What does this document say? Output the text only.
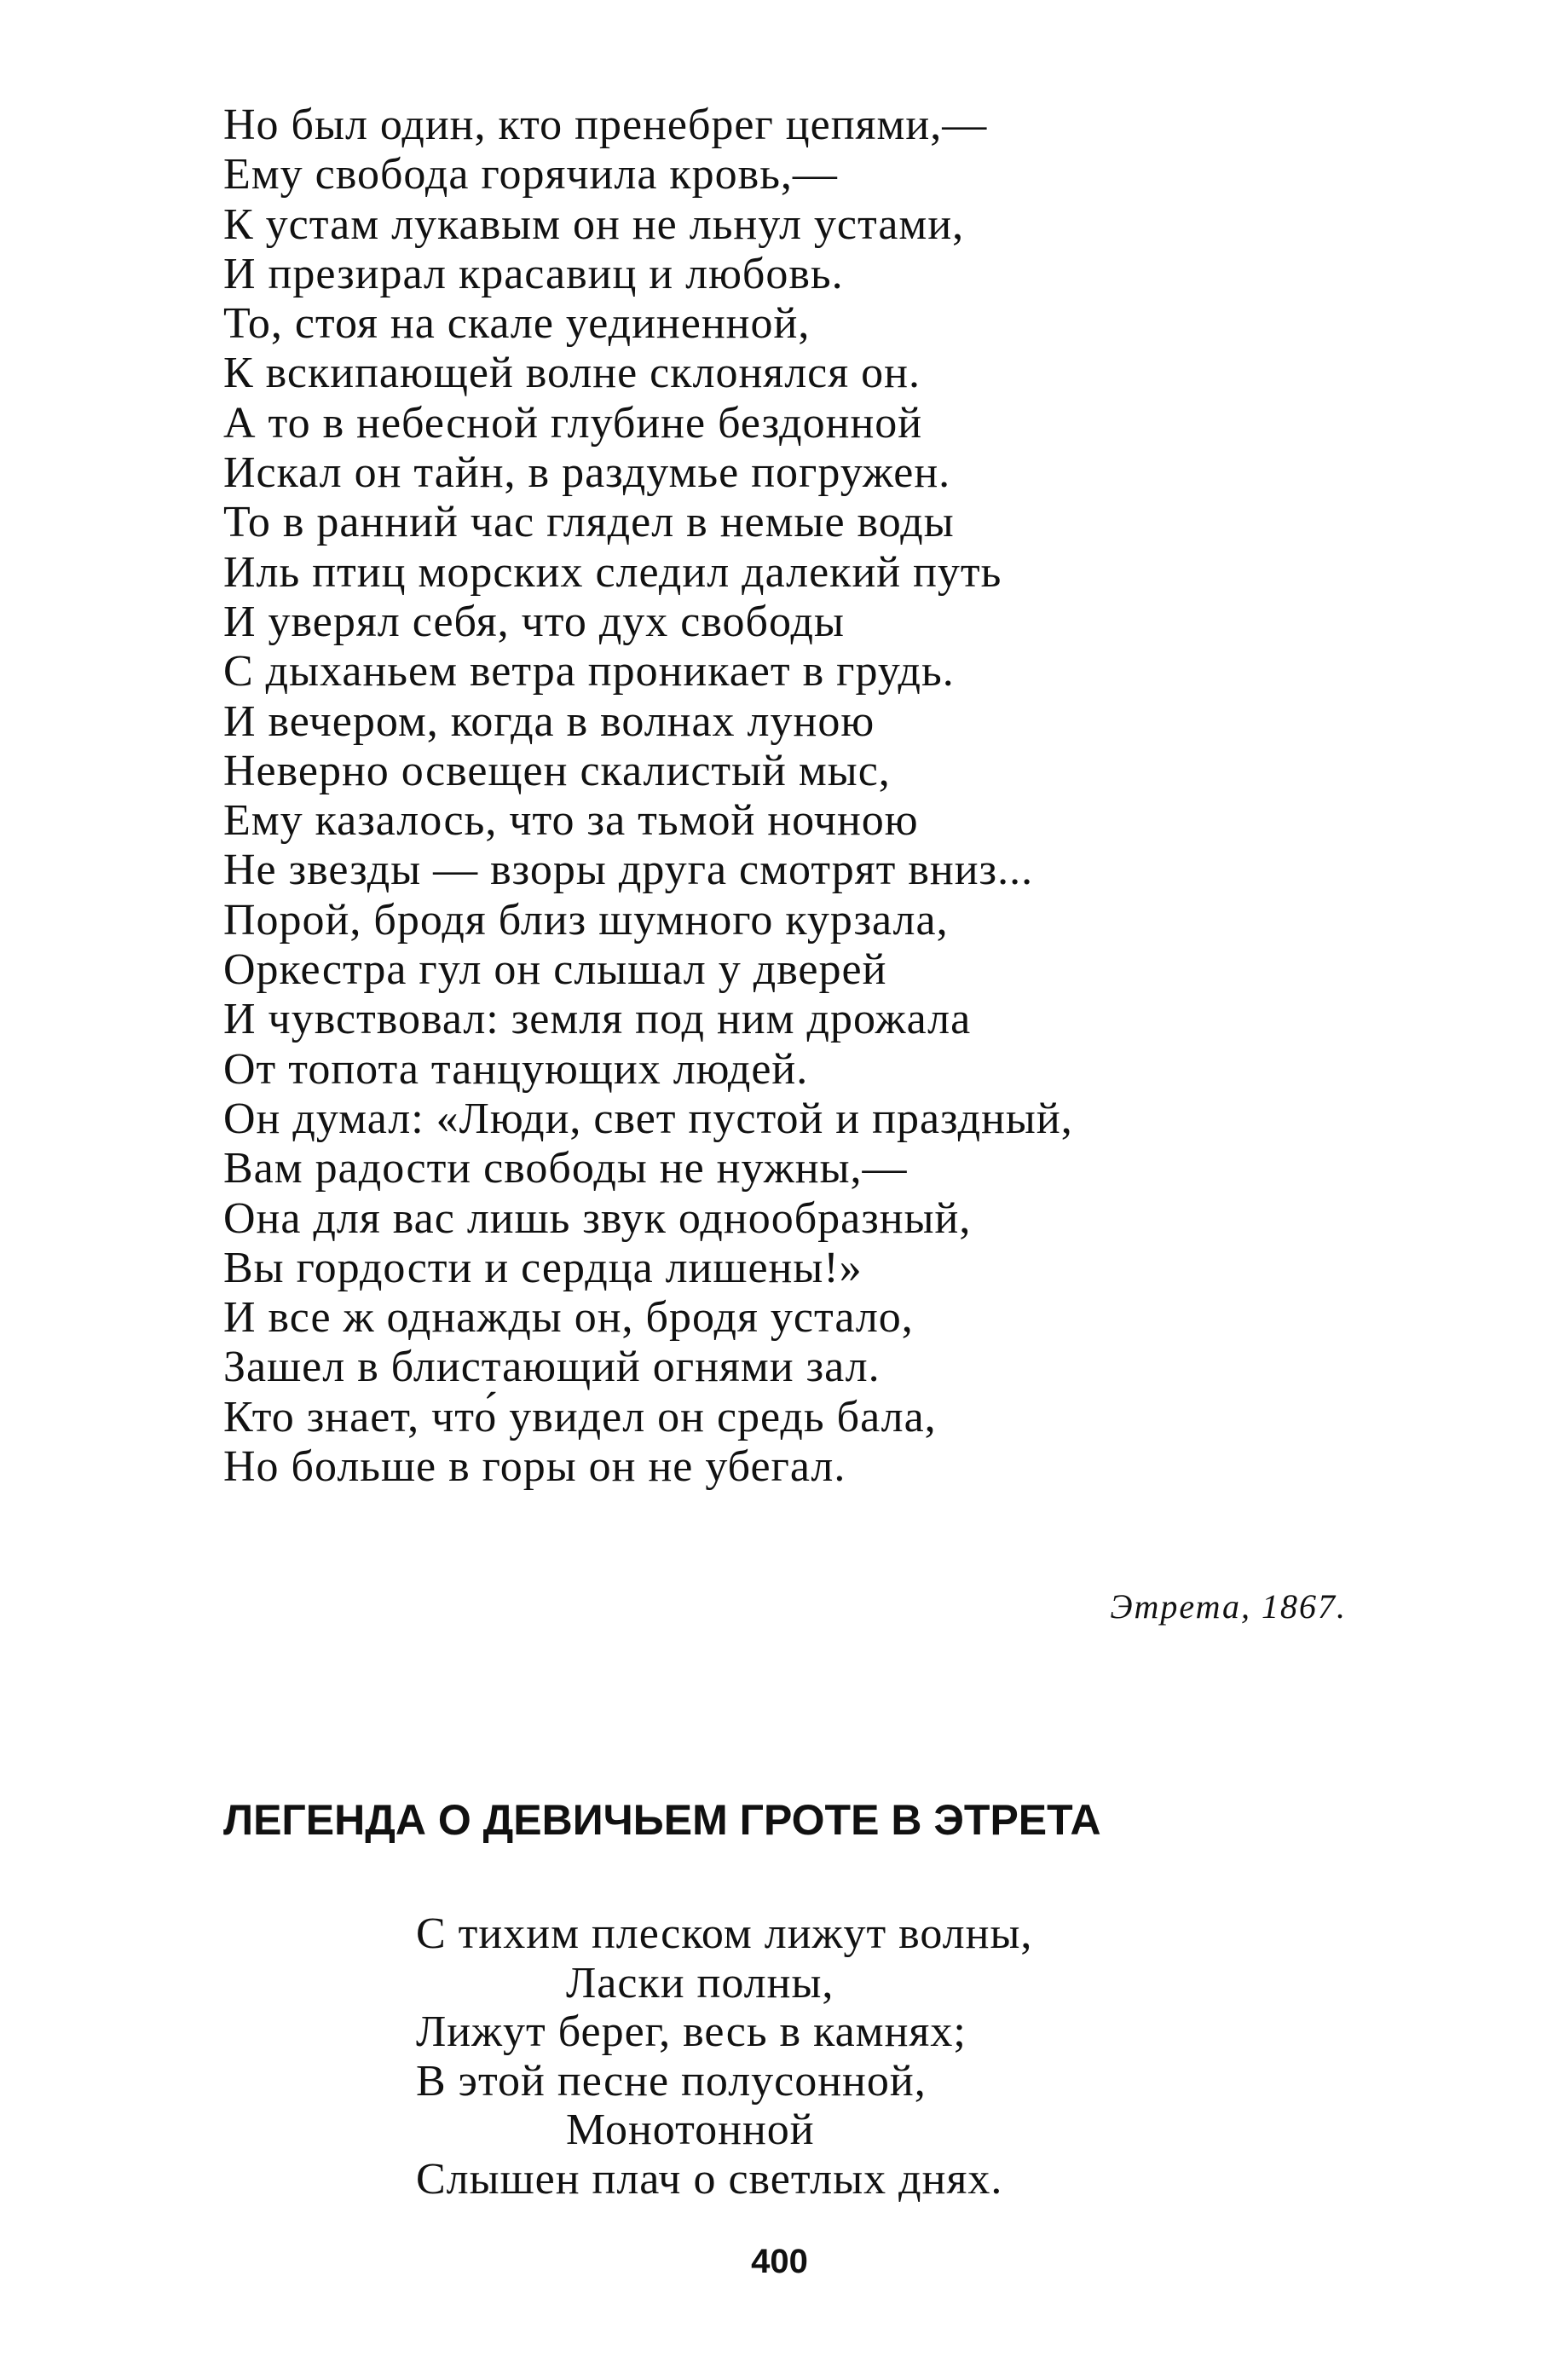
Но был один, кто пренебрег цепями,—
Ему свобода горячила кровь,—
К устам лукавым он не льнул устами,
И презирал красавиц и любовь.
То, стоя на скале уединенной,
К вскипающей волне склонялся он.
А то в небесной глубине бездонной
Искал он тайн, в раздумье погружен.
То в ранний час глядел в немые воды
Иль птиц морских следил далекий путь
И уверял себя, что дух свободы
С дыханьем ветра проникает в грудь.
И вечером, когда в волнах луною
Неверно освещен скалистый мыс,
Ему казалось, что за тьмой ночною
Не звезды — взоры друга смотрят вниз...
Порой, бродя близ шумного курзала,
Оркестра гул он слышал у дверей
И чувствовал: земля под ним дрожала
От топота танцующих людей.
Он думал: «Люди, свет пустой и праздный,
Вам радости свободы не нужны,—
Она для вас лишь звук однообразный,
Вы гордости и сердца лишены!»
И все ж однажды он, бродя устало,
Зашел в блистающий огнями зал.
Кто знает, что́ увидел он средь бала,
Но больше в горы он не убегал.
Этрета, 1867.
ЛЕГЕНДА О ДЕВИЧЬЕМ ГРОТЕ В ЭТРЕТА
С тихим плеском лижут волны,
Ласки полны,
Лижут берег, весь в камнях;
В этой песне полусонной,
Монотонной
Слышен плач о светлых днях.
400
